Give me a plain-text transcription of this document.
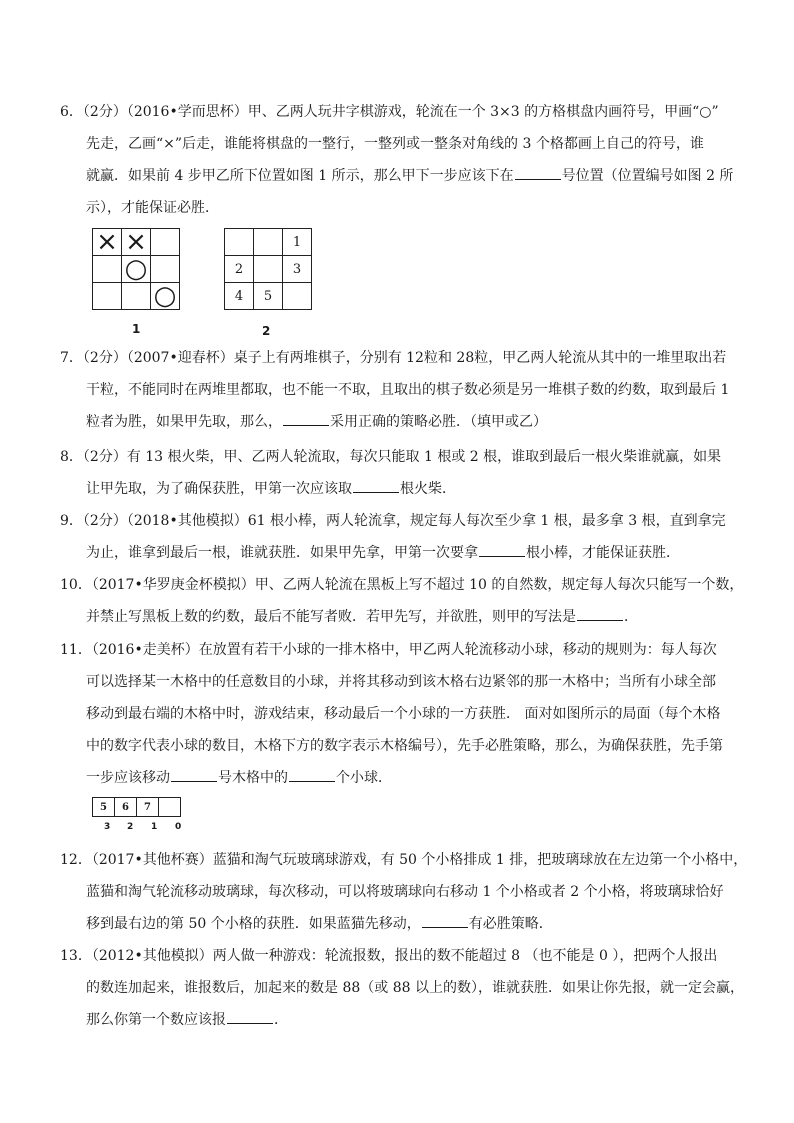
6．（2分）（2016•学而思杯）甲、乙两人玩井字棋游戏，轮流在一个 3×3 的方格棋盘内画符号，甲画“○”
先走，乙画“×”后走，谁能将棋盘的一整行，一整列或一整条对角线的 3 个格都画上自己的符号，谁
就赢．如果前 4 步甲乙所下位置如图 1 所示，那么甲下一步应该下在	号位置（位置编号如图 2 所
示），才能保证必胜．
×	×	
	○	
		○
1
		1
2		3
4	5	
2
7．（2分）（2007•迎春杯）桌子上有两堆棋子，分别有 12粒和 28粒，甲乙两人轮流从其中的一堆里取出若
干粒，不能同时在两堆里都取，也不能一不取，且取出的棋子数必须是另一堆棋子数的约数，取到最后 1
粒者为胜，如果甲先取，那么，	采用正确的策略必胜．（填甲或乙）
8．（2分）有 13 根火柴，甲、乙两人轮流取，每次只能取 1 根或 2 根，谁取到最后一根火柴谁就赢，如果
让甲先取，为了确保获胜，甲第一次应该取	根火柴．
9．（2分）（2018•其他模拟）61 根小棒，两人轮流拿，规定每人每次至少拿 1 根，最多拿 3 根，直到拿完
为止，谁拿到最后一根，谁就获胜．如果甲先拿，甲第一次要拿	根小棒，才能保证获胜．
10．（2017•华罗庚金杯模拟）甲、乙两人轮流在黑板上写不超过 10 的自然数，规定每人每次只能写一个数，
并禁止写黑板上数的约数，最后不能写者败．若甲先写，并欲胜，则甲的写法是	．
11．（2016•走美杯）在放置有若干小球的一排木格中，甲乙两人轮流移动小球，移动的规则为：每人每次
可以选择某一木格中的任意数目的小球，并将其移动到该木格右边紧邻的那一木格中；当所有小球全部
移动到最右端的木格中时，游戏结束，移动最后一个小球的一方获胜． 面对如图所示的局面（每个木格
中的数字代表小球的数目，木格下方的数字表示木格编号），先手必胜策略，那么，为确保获胜，先手第
一步应该移动	号木格中的	个小球．
5	6	7	
3 2 1 0
12．（2017•其他杯赛）蓝猫和淘气玩玻璃球游戏，有 50 个小格排成 1 排，把玻璃球放在左边第一个小格中，
蓝猫和淘气轮流移动玻璃球，每次移动，可以将玻璃球向右移动 1 个小格或者 2 个小格，将玻璃球恰好
移到最右边的第 50 个小格的获胜．如果蓝猫先移动，	有必胜策略．
13．（2012•其他模拟）两人做一种游戏：轮流报数，报出的数不能超过 8 （也不能是 0 ），把两个人报出
的数连加起来，谁报数后，加起来的数是 88（或 88 以上的数），谁就获胜．如果让你先报，就一定会赢，
那么你第一个数应该报	．
